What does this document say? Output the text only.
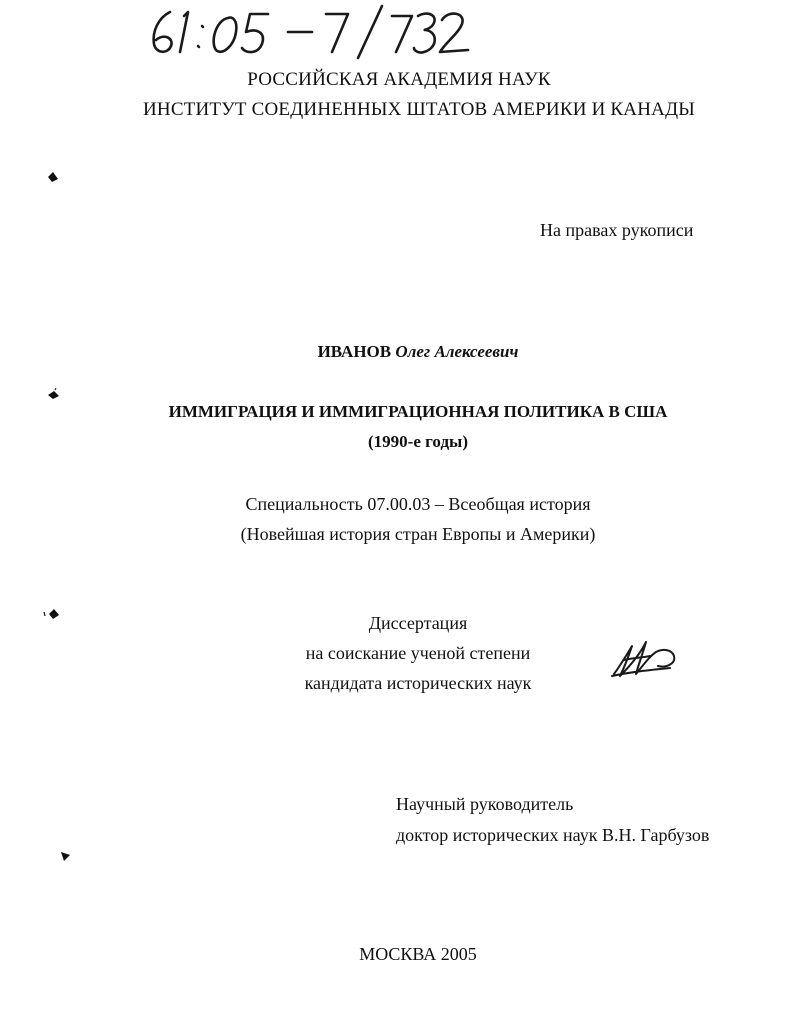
РОССИЙСКАЯ АКАДЕМИЯ НАУК
ИНСТИТУТ СОЕДИНЕННЫХ ШТАТОВ АМЕРИКИ И КАНАДЫ
На правах рукописи
ИВАНОВ Олег Алексеевич
ИММИГРАЦИЯ И ИММИГРАЦИОННАЯ ПОЛИТИКА В США
(1990-е годы)
Специальность 07.00.03 – Всеобщая история
(Новейшая история стран Европы и Америки)
Диссертация
на соискание ученой степени
кандидата исторических наук
Научный руководитель
доктор исторических наук В.Н. Гарбузов
МОСКВА 2005
